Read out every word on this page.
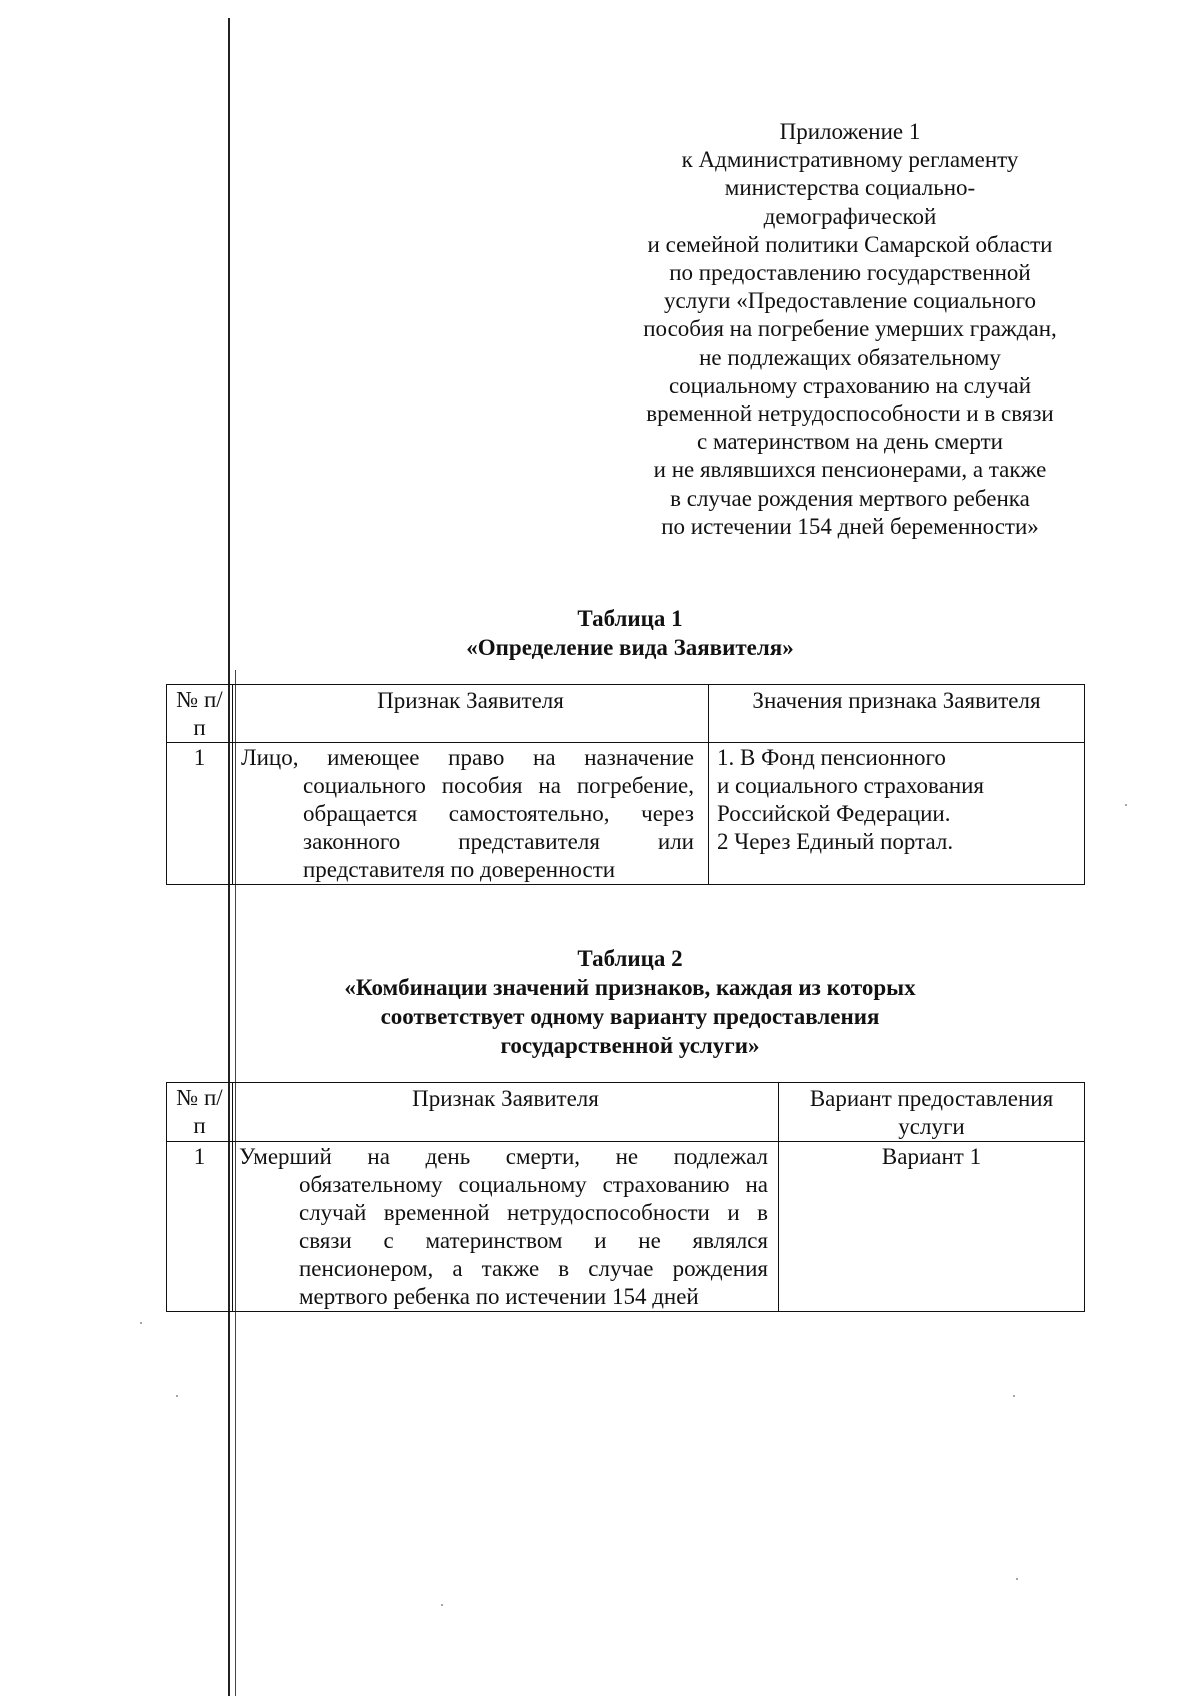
Приложение 1
к Административному регламенту
министерства социально-
демографической
и семейной политики Самарской области
по предоставлению государственной
услуги «Предоставление социального
пособия на погребение умерших граждан,
не подлежащих обязательному
социальному страхованию на случай
временной нетрудоспособности и в связи
с материнством на день смерти
и не являвшихся пенсионерами, а также
в случае рождения мертвого ребенка
по истечении 154 дней беременности»
Таблица 1
«Определение вида Заявителя»
№ п/п	Признак Заявителя	Значения признака Заявителя

1	Лицо, имеющее право на назначение социального пособия на погребение, обращается самостоятельно, через законного представителя или представителя по доверенности	1. В Фонд пенсионного
и социального страхования
Российской Федерации.
2 Через Единый портал.
Таблица 2
«Комбинации значений признаков, каждая из которых
соответствует одному варианту предоставления
государственной услуги»
№ п/п	Признак Заявителя	Вариант предоставления услуги

1	Умерший на день смерти, не подлежал обязательному социальному страхованию на случай временной нетрудоспособности и в связи с материнством и не являлся пенсионером, а также в случае рождения мертвого ребенка по истечении 154 дней	Вариант 1
